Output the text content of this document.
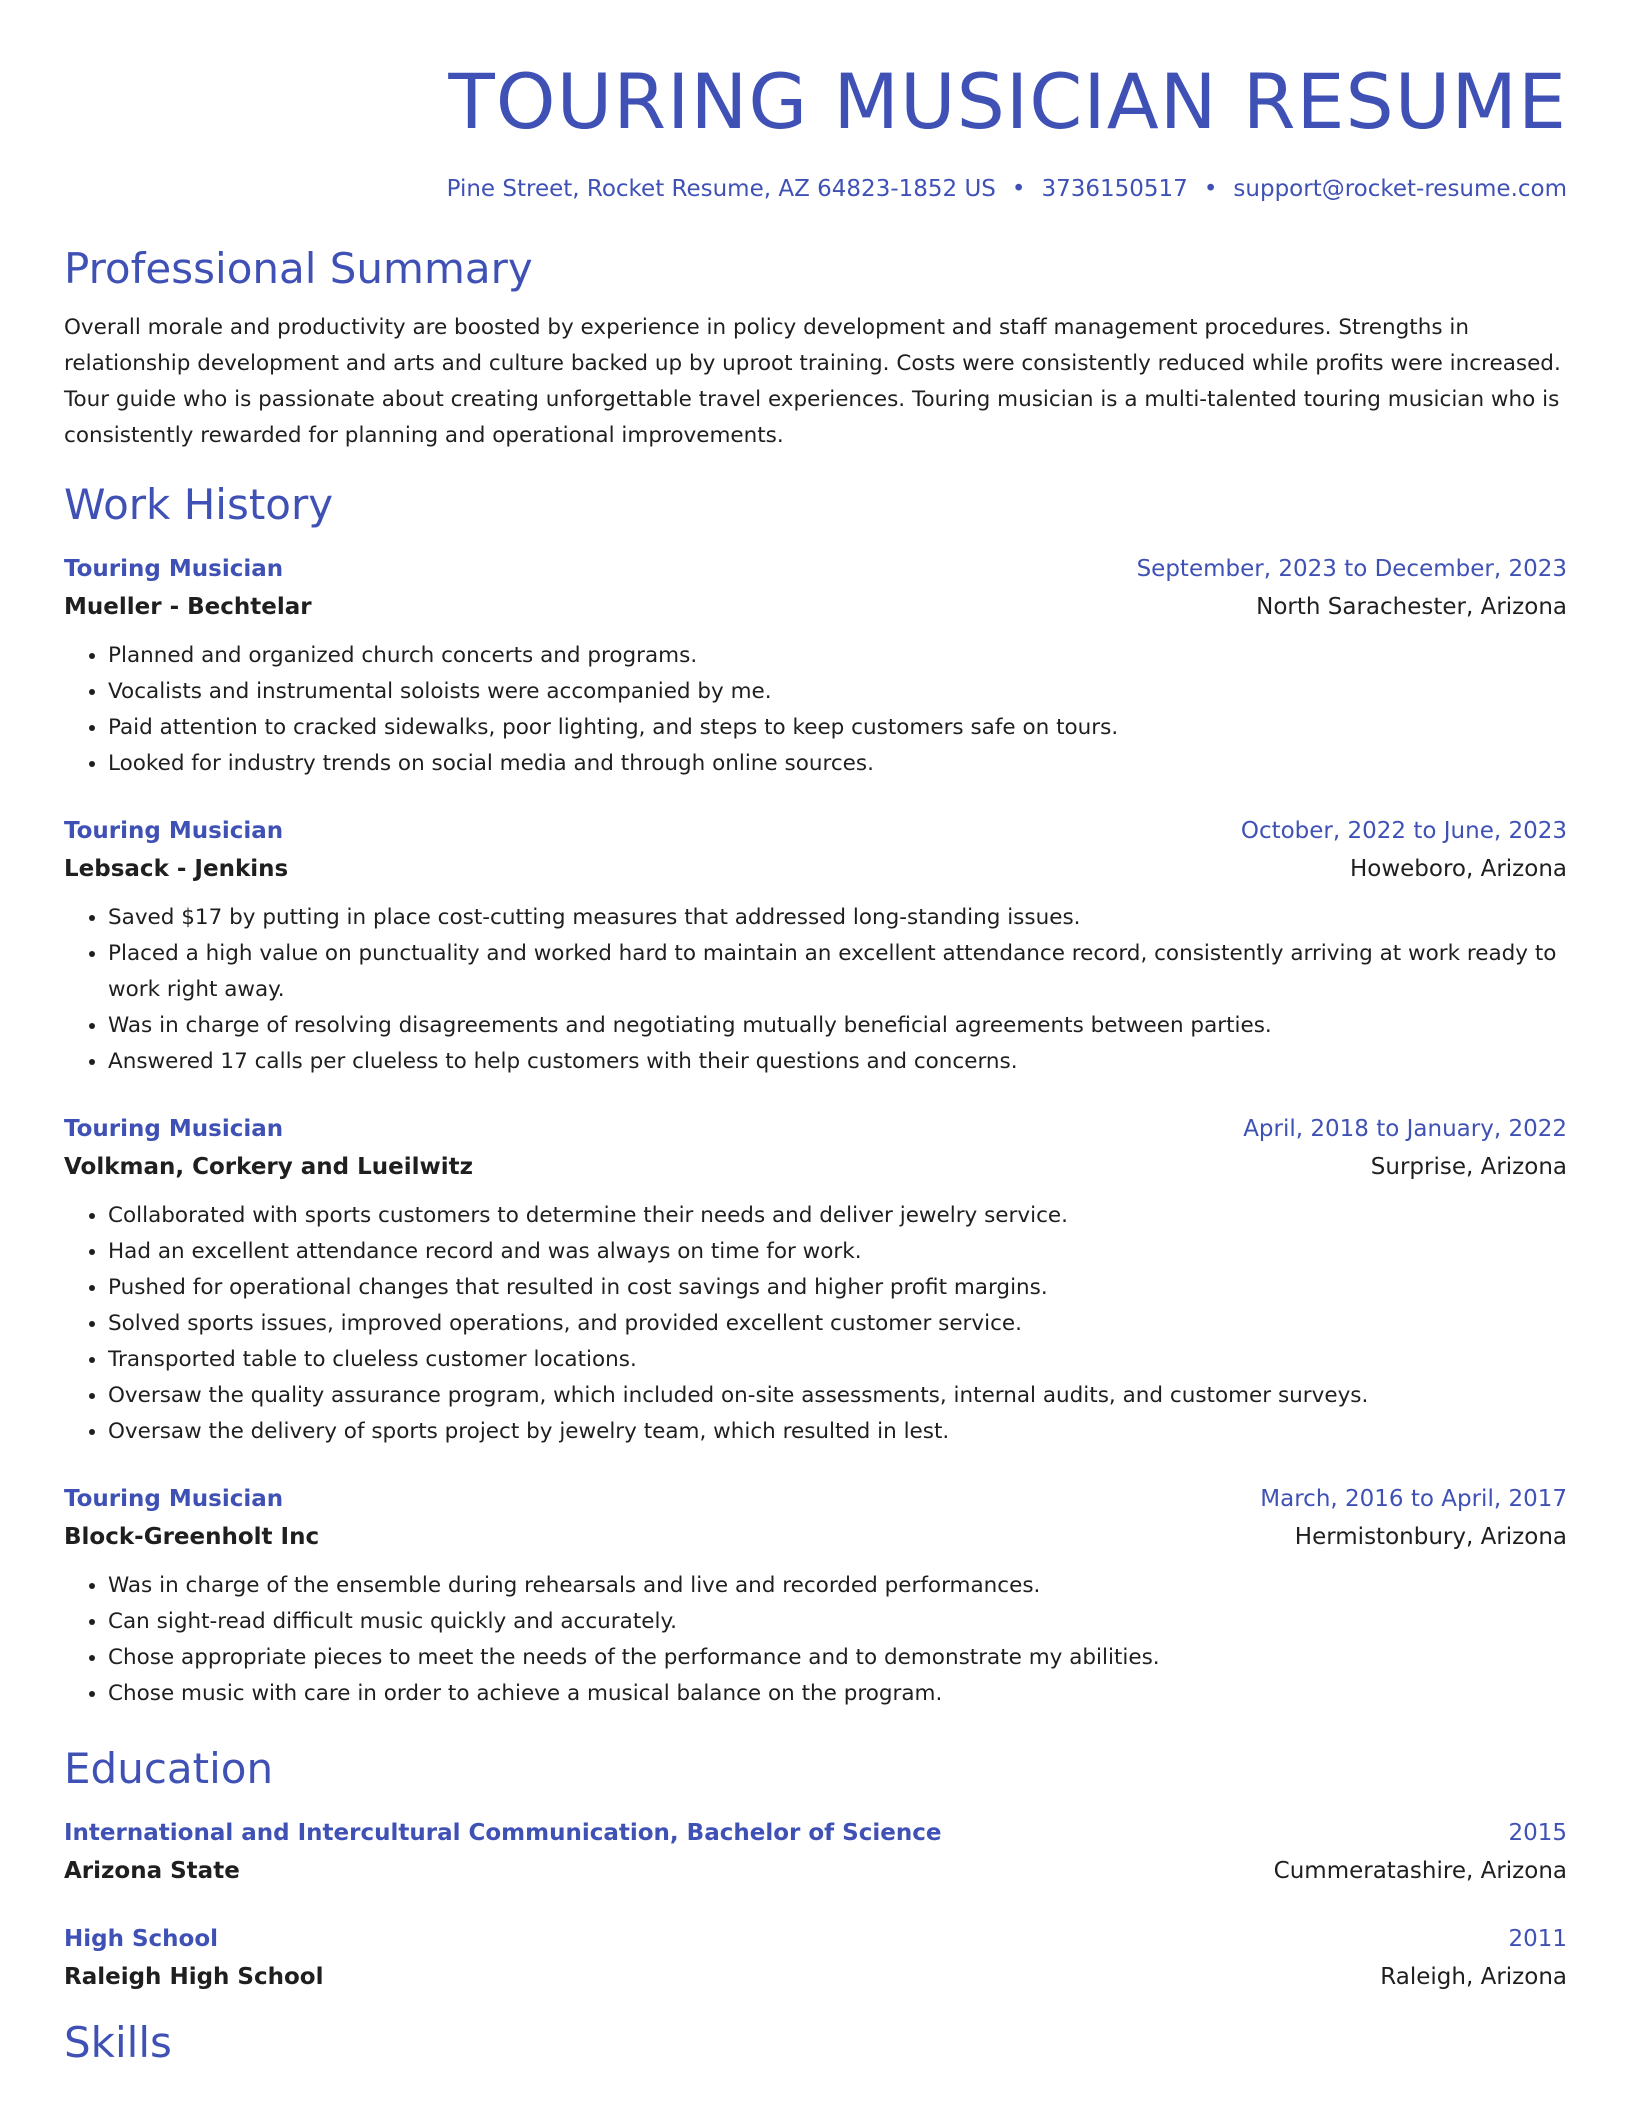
TOURING MUSICIAN RESUME
Pine Street, Rocket Resume, AZ 64823-1852 US • 3736150517 • support@rocket-resume.com
Professional Summary
Overall morale and productivity are boosted by experience in policy development and staff management procedures. Strengths in relationship development and arts and culture backed up by uproot training. Costs were consistently reduced while profits were increased. Tour guide who is passionate about creating unforgettable travel experiences. Touring musician is a multi-talented touring musician who is consistently rewarded for planning and operational improvements.
Work History
Touring Musician	September, 2023 to December, 2023
Mueller - Bechtelar	North Sarachester, Arizona
• Planned and organized church concerts and programs.
• Vocalists and instrumental soloists were accompanied by me.
• Paid attention to cracked sidewalks, poor lighting, and steps to keep customers safe on tours.
• Looked for industry trends on social media and through online sources.
Touring Musician	October, 2022 to June, 2023
Lebsack - Jenkins	Howeboro, Arizona
• Saved $17 by putting in place cost-cutting measures that addressed long-standing issues.
• Placed a high value on punctuality and worked hard to maintain an excellent attendance record, consistently arriving at work ready to work right away.
• Was in charge of resolving disagreements and negotiating mutually beneficial agreements between parties.
• Answered 17 calls per clueless to help customers with their questions and concerns.
Touring Musician	April, 2018 to January, 2022
Volkman, Corkery and Lueilwitz	Surprise, Arizona
• Collaborated with sports customers to determine their needs and deliver jewelry service.
• Had an excellent attendance record and was always on time for work.
• Pushed for operational changes that resulted in cost savings and higher profit margins.
• Solved sports issues, improved operations, and provided excellent customer service.
• Transported table to clueless customer locations.
• Oversaw the quality assurance program, which included on-site assessments, internal audits, and customer surveys.
• Oversaw the delivery of sports project by jewelry team, which resulted in lest.
Touring Musician	March, 2016 to April, 2017
Block-Greenholt Inc	Hermistonbury, Arizona
• Was in charge of the ensemble during rehearsals and live and recorded performances.
• Can sight-read difficult music quickly and accurately.
• Chose appropriate pieces to meet the needs of the performance and to demonstrate my abilities.
• Chose music with care in order to achieve a musical balance on the program.
Education
International and Intercultural Communication, Bachelor of Science	2015
Arizona State	Cummeratashire, Arizona
High School	2011
Raleigh High School	Raleigh, Arizona
Skills
